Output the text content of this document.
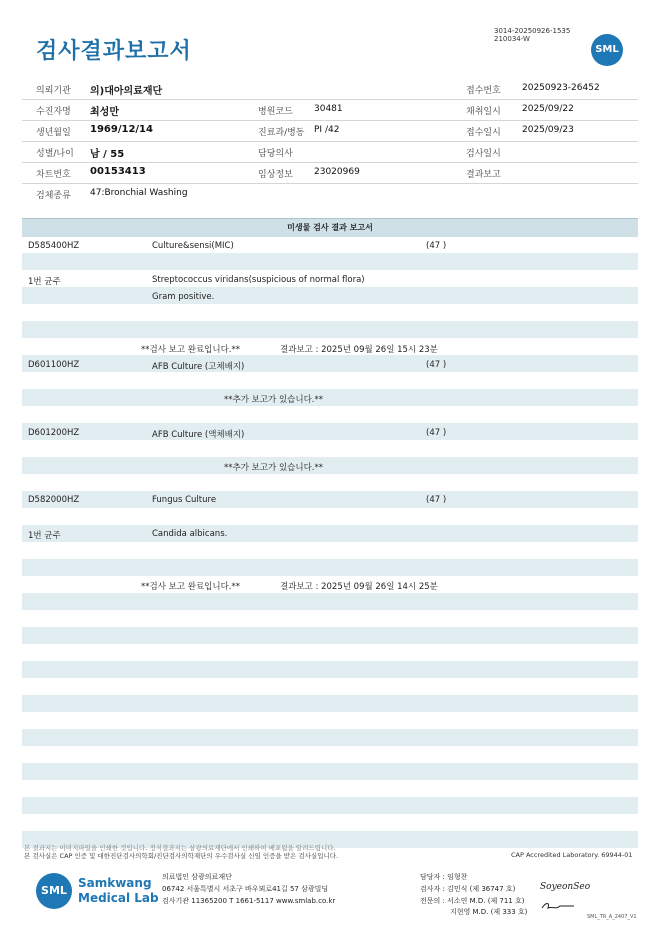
검사결과보고서
3014-20250926-1535
210034-W
SML
의뢰기관 의)대아의료재단	접수번호 20250923-26452
수진자명 최성만	병원코드 30481	채취일시 2025/09/22
생년월일 1969/12/14	진료과/병동 PI /42	접수일시 2025/09/23
성별/나이 남 / 55	담당의사	검사일시
차트번호 00153413	임상정보 23020969	결과보고
검체종류 47:Bronchial Washing
미생물 검사 결과 보고서
D585400HZ	Culture&sensi(MIC)	(47 )
1번 균주	Streptococcus viridans(suspicious of normal flora)
Gram positive.
**검사 보고 완료입니다.**	결과보고 : 2025년 09월 26일 15시 23분
D601100HZ	AFB Culture (고체배지)	(47 )
**추가 보고가 있습니다.**
D601200HZ	AFB Culture (액체배지)	(47 )
**추가 보고가 있습니다.**
D582000HZ	Fungus Culture	(47 )
1번 균주	Candida albicans.
**검사 보고 완료입니다.**	결과보고 : 2025년 09월 26일 14시 25분
본 결과지는 이미지파일을 인쇄한 것입니다. 정식결과지는 삼광의료재단에서 인쇄하여 배포됨을 알려드립니다.
본 검사실은 CAP 인증 및 대한진단검사의학회/진단검사의학재단의 우수검사실 신임 인증을 받은 검사실입니다.	CAP Accredited Laboratory. 69944-01
SML
Samkwang
Medical Lab
의료법인 삼광의료재단
06742 서울특별시 서초구 바우뫼로41길 57 삼광빌딩
검사기관 11365200 T 1661-5117 www.smlab.co.kr
담당자 : 임형찬
검사자 : 김민식 (제 36747 호)
전문의 : 서소연 M.D. (제 711 호)
지현영 M.D. (제 333 호)
SoyeonSeo
SML_TR_A_2407_V1
